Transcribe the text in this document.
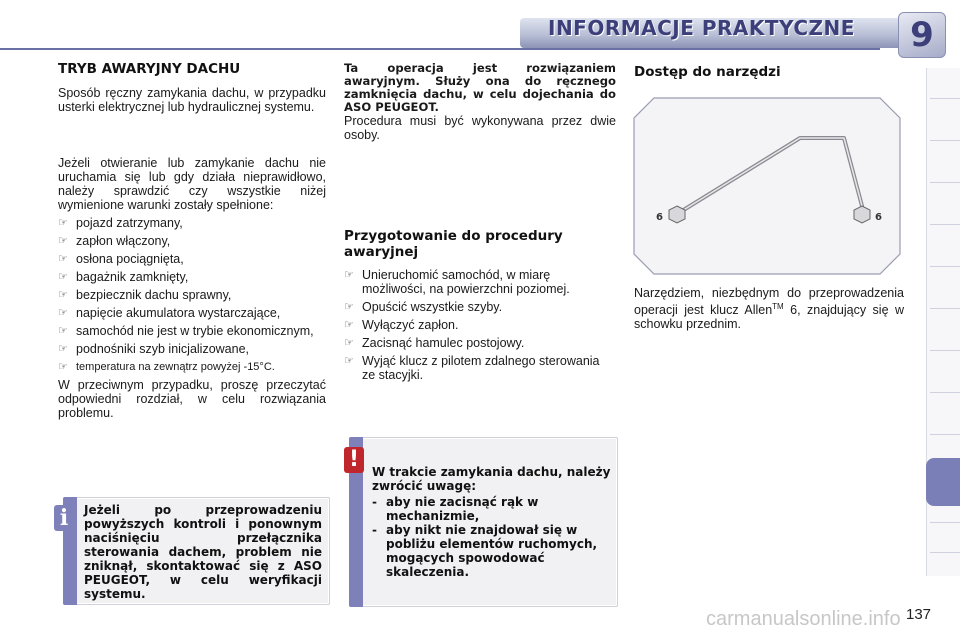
INFORMACJE PRAKTYCZNE	9
TRYB AWARYJNY DACHU

Sposób ręczny zamykania dachu, w przypadku usterki elektrycznej lub hydraulicznej systemu.

Jeżeli otwieranie lub zamykanie dachu nie uruchamia się lub gdy działa nieprawidłowo, należy sprawdzić czy wszystkie niżej wymienione warunki zostały spełnione:

☞ pojazd zatrzymany,
☞ zapłon włączony,
☞ osłona pociągnięta,
☞ bagażnik zamknięty,
☞ bezpiecznik dachu sprawny,
☞ napięcie akumulatora wystarczające,
☞ samochód nie jest w trybie ekonomicznym,
☞ podnośniki szyb inicjalizowane,
☞ temperatura na zewnątrz powyżej -15°C.

W przeciwnym przypadku, proszę przeczytać odpowiedni rozdział, w celu rozwiązania problemu.

i	Jeżeli po przeprowadzeniu powyższych kontroli i ponownym naciśnięciu przełącznika sterowania dachem, problem nie zniknął, skontaktować się z ASO PEUGEOT, w celu weryfikacji systemu.

Ta operacja jest rozwiązaniem awaryjnym. Służy ona do ręcznego zamknięcia dachu, w celu dojechania do ASO PEUGEOT.

Procedura musi być wykonywana przez dwie osoby.

Przygotowanie do procedury awaryjnej
☞ Unieruchomić samochód, w miarę możliwości, na powierzchni poziomej.
☞ Opuścić wszystkie szyby.
☞ Wyłączyć zapłon.
☞ Zacisnąć hamulec postojowy.
☞ Wyjąć klucz z pilotem zdalnego sterowania ze stacyjki.
!	W trakcie zamykania dachu, należy zwrócić uwagę:
- aby nie zacisnąć rąk w mechanizmie,
- aby nikt nie znajdował się w pobliżu elementów ruchomych, mogących spowodować skaleczenia.
Dostęp do narzędzi
6	6
Narzędziem, niezbędnym do przeprowadzenia operacji jest klucz Allen™ 6, znajdujący się w schowku przednim.
carmanualsonline.info 137
